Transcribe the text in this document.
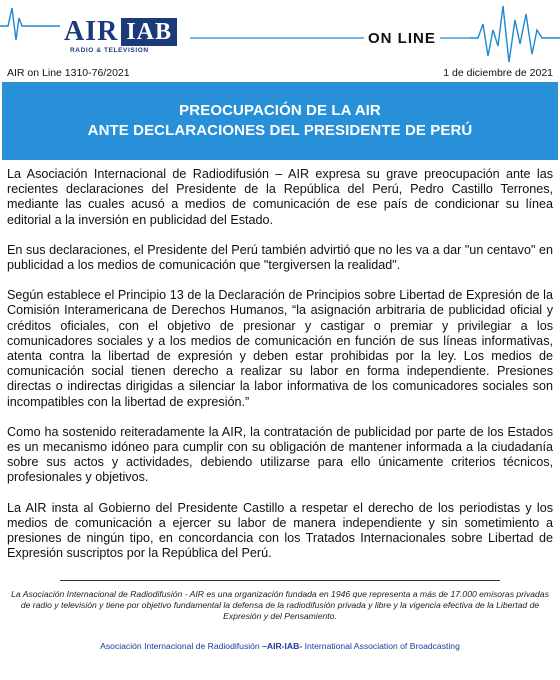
AIR IAB
RADIO & TELEVISION
ON LINE
AIR on Line 1310-76/2021	1 de diciembre de 2021
PREOCUPACIÓN DE LA AIR
ANTE DECLARACIONES DEL PRESIDENTE DE PERÚ

La Asociación Internacional de Radiodifusión – AIR expresa su grave preocupación ante las recientes declaraciones del Presidente de la República del Perú, Pedro Castillo Terrones, mediante las cuales acusó a medios de comunicación de ese país de condicionar su línea editorial a la inversión en publicidad del Estado.

En sus declaraciones, el Presidente del Perú también advirtió que no les va a dar "un centavo" en publicidad a los medios de comunicación que "tergiversen la realidad".

Según establece el Principio 13 de la Declaración de Principios sobre Libertad de Expresión de la Comisión Interamericana de Derechos Humanos, “la asignación arbitraria de publicidad oficial y créditos oficiales, con el objetivo de presionar y castigar o premiar y privilegiar a los comunicadores sociales y a los medios de comunicación en función de sus líneas informativas, atenta contra la libertad de expresión y deben estar prohibidas por la ley. Los medios de comunicación social tienen derecho a realizar su labor en forma independiente. Presiones directas o indirectas dirigidas a silenciar la labor informativa de los comunicadores sociales son incompatibles con la libertad de expresión.”

Como ha sostenido reiteradamente la AIR, la contratación de publicidad por parte de los Estados es un mecanismo idóneo para cumplir con su obligación de mantener informada a la ciudadanía sobre sus actos y actividades, debiendo utilizarse para ello únicamente criterios técnicos, profesionales y objetivos.

La AIR insta al Gobierno del Presidente Castillo a respetar el derecho de los periodistas y los medios de comunicación a ejercer su labor de manera independiente y sin sometimiento a presiones de ningún tipo, en concordancia con los Tratados Internacionales sobre Libertad de Expresión suscriptos por la República del Perú.

La Asociación Internacional de Radiodifusión - AIR es una organización fundada en 1946 que representa a más de 17.000 emisoras privadas de radio y televisión y tiene por objetivo fundamental la defensa de la radiodifusión privada y libre y la vigencia efectiva de la Libertad de Expresión y del Pensamiento.
Asociación Internacional de Radiodifusión –AIR-IAB- International Association of Broadcasting
